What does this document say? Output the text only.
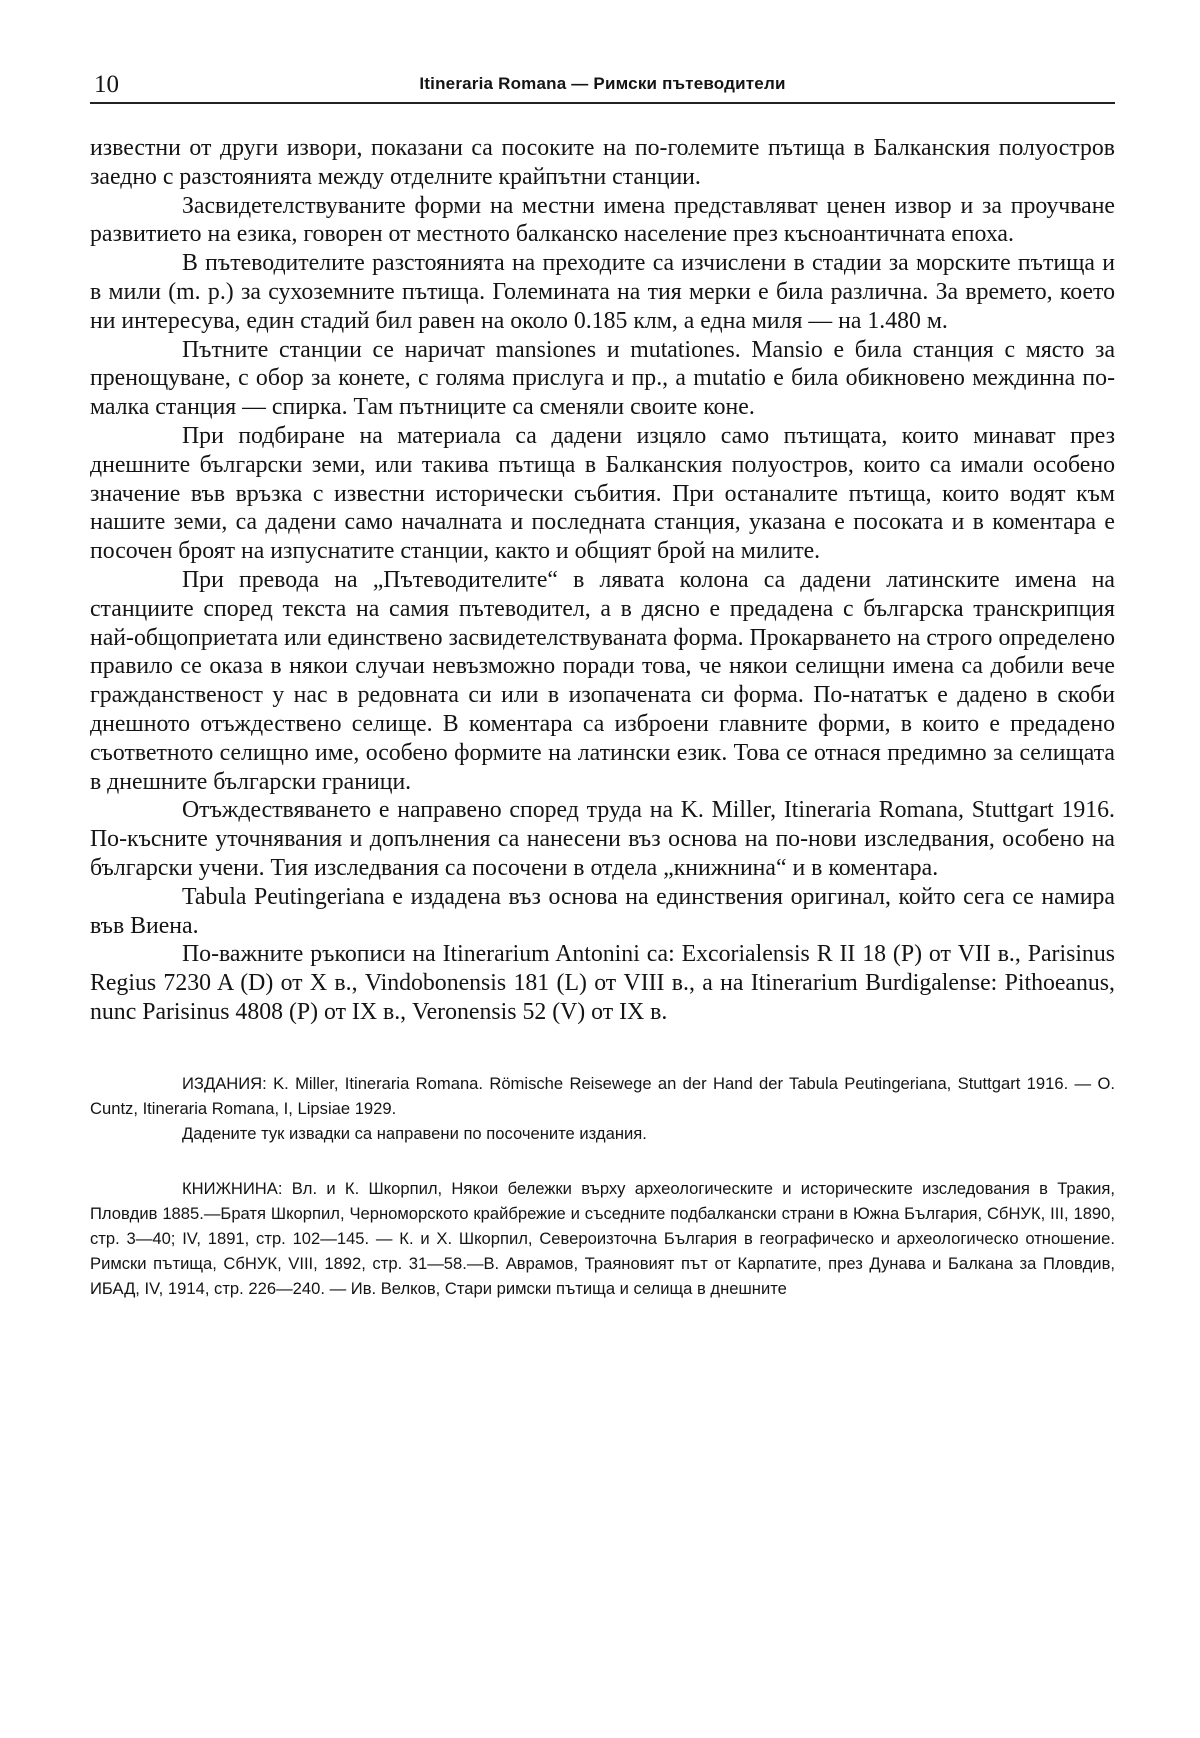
10	Itineraria Romana — Римски пътеводители

известни от други извори, показани са посоките на по-големите пътища в Балканския полуостров заедно с разстоянията между отделните крайпътни станции.

Засвидетелствуваните форми на местни имена представляват ценен извор и за проучване развитието на езика, говорен от местното балканско население през късноантичната епоха.

В пътеводителите разстоянията на преходите са изчислени в стадии за морските пътища и в мили (m. p.) за сухоземните пътища. Големината на тия мерки е била различна. За времето, което ни интересува, един стадий бил равен на около 0.185 клм, а една миля — на 1.480 м.

Пътните станции се наричат mansiones и mutationes. Mansio е била станция с място за пренощуване, с обор за конете, с голяма прислуга и пр., а mutatio е била обикновено междинна по-малка станция — спирка. Там пътниците са сменяли своите коне.

При подбиране на материала са дадени изцяло само пътищата, които минават през днешните български земи, или такива пътища в Балканския полуостров, които са имали особено значение във връзка с известни исторически събития. При останалите пътища, които водят към нашите земи, са дадени само началната и последната станция, указана е посоката и в коментара е посочен броят на изпуснатите станции, както и общият брой на милите.

При превода на „Пътеводителите“ в лявата колона са дадени латинските имена на станциите според текста на самия пътеводител, а в дясно е предадена с българска транскрипция най-общоприетата или единствено засвидетелствуваната форма. Прокарването на строго определено правило се оказа в някои случаи невъзможно поради това, че някои селищни имена са добили вече гражданственост у нас в редовната си или в изопачената си форма. По-нататък е дадено в скоби днешното отъждествено селище. В коментара са изброени главните форми, в които е предадено съответното селищно име, особено формите на латински език. Това се отнася предимно за селищата в днешните български граници.

Отъждествяването е направено според труда на K. Miller, Itineraria Romana, Stuttgart 1916. По-късните уточнявания и допълнения са нанесени въз основа на по-нови изследвания, особено на български учени. Тия изследвания са посочени в отдела „книжнина“ и в коментара.

Tabula Peutingeriana е издадена въз основа на единствения оригинал, който сега се намира във Виена.

По-важните ръкописи на Itinerarium Antonini са: Excorialensis R II 18 (P) от VII в., Parisinus Regius 7230 A (D) от X в., Vindobonensis 181 (L) от VIII в., а на Itinerarium Burdigalense: Pithoeanus, nunc Parisinus 4808 (P) от IX в., Veronensis 52 (V) от IX в.

ИЗДАНИЯ: K. Miller, Itineraria Romana. Römische Reisewege an der Hand der Tabula Peutingeriana, Stuttgart 1916. — O. Cuntz, Itineraria Romana, I, Lipsiae 1929.

Дадените тук извадки са направени по посочените издания.

КНИЖНИНА: Вл. и К. Шкорпил, Някои бележки върху археологическите и историческите изследования в Тракия, Пловдив 1885.—Братя Шкорпил, Черноморското крайбрежие и съседните подбалкански страни в Южна България, СбНУК, III, 1890, стр. 3—40; IV, 1891, стр. 102—145. — К. и Х. Шкорпил, Североизточна България в географическо и археологическо отношение. Римски пътища, СбНУК, VIII, 1892, стр. 31—58.—В. Аврамов, Траяновият път от Карпатите, през Дунава и Балкана за Пловдив, ИБАД, IV, 1914, стр. 226—240. — Ив. Велков, Стари римски пътища и селища в днешните
